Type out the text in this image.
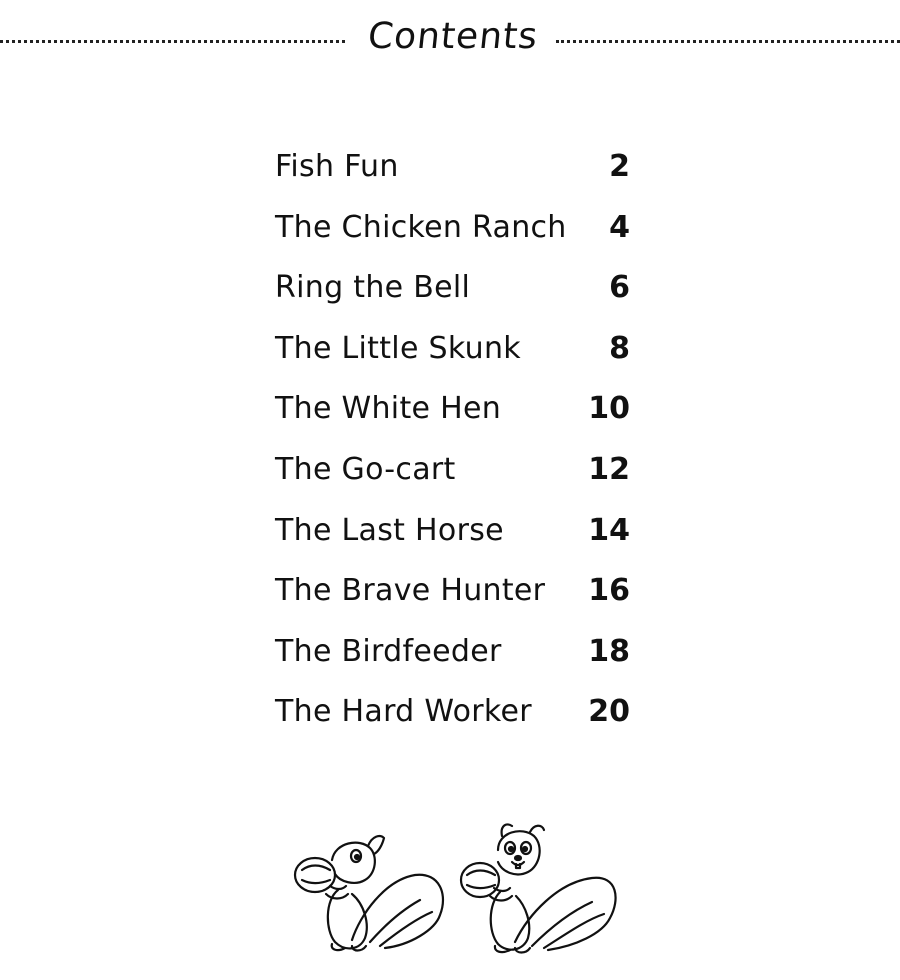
Contents
Fish Fun	2
The Chicken Ranch 4
Ring the Bell	6
The Little Skunk	8
The White Hen	10
The Go-cart	12
The Last Horse	14
The Brave Hunter 16
The Birdfeeder	18
The Hard Worker 20
